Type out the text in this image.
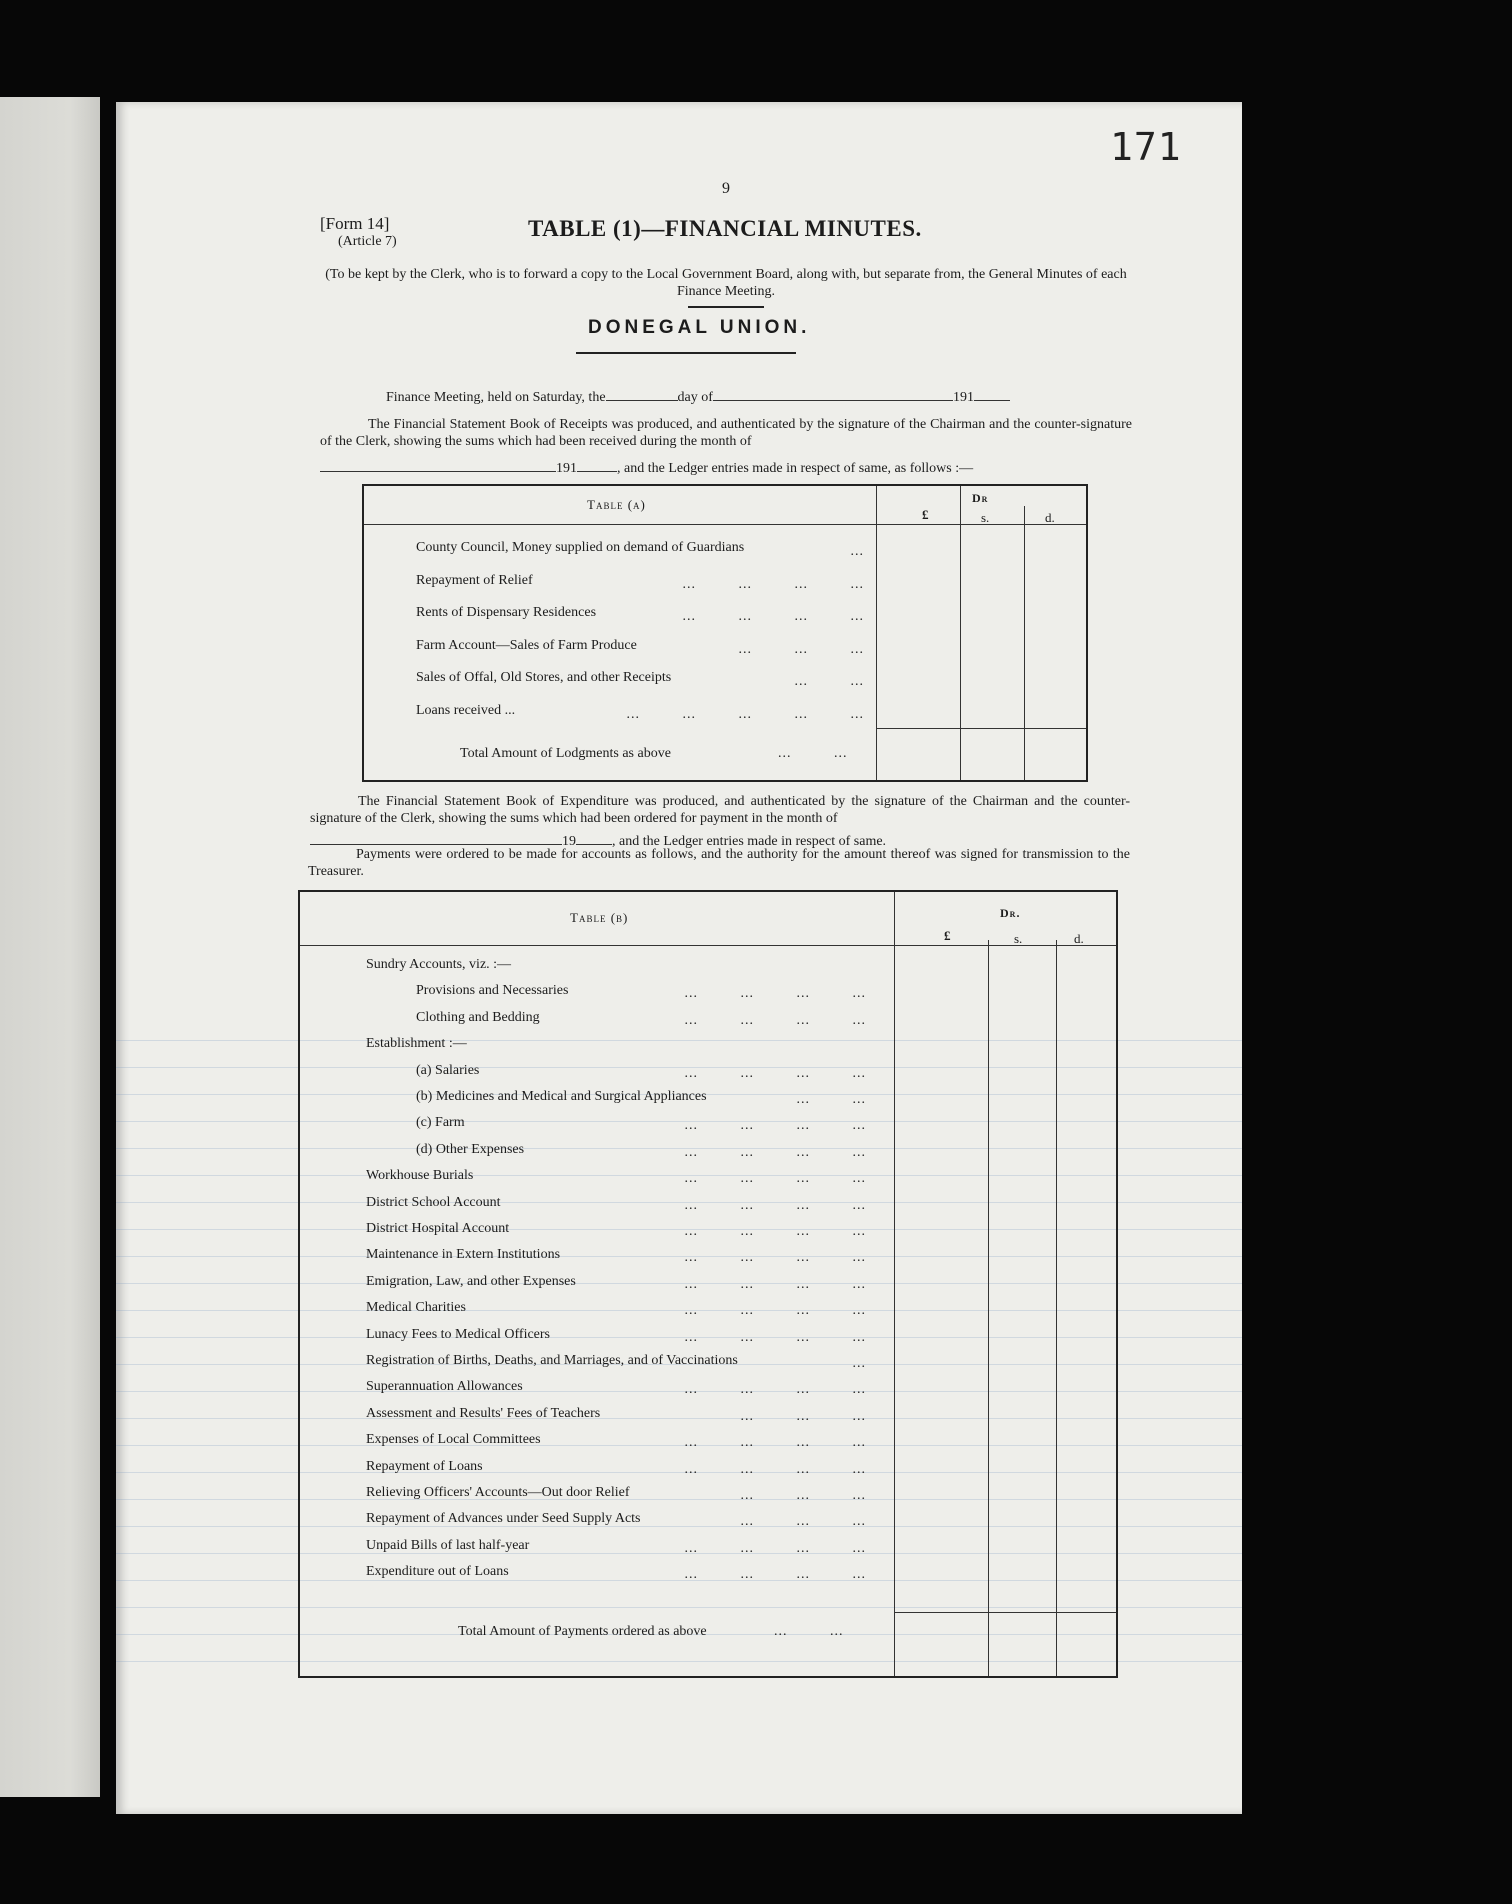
171
9
[Form 14]
(Article 7)
TABLE (1)—FINANCIAL MINUTES.
(To be kept by the Clerk, who is to forward a copy to the Local Government Board, along with, but separate from, the General Minutes of each Finance Meeting.
DONEGAL UNION.
Finance Meeting, held on Saturday, the	day of	191
The Financial Statement Book of Receipts was produced, and authenticated by the signature of the Chairman and the counter-signature of the Clerk, showing the sums which had been received during the month of
191	, and the Ledger entries made in respect of same, as follows :—
Table (a)	Dr
£	s.	d.
County Council, Money supplied on demand of Guardians	...
Repayment of Relief	... ... ... ...
Rents of Dispensary Residences	... ... ... ...
Farm Account—Sales of Farm Produce	... ... ...
Sales of Offal, Old Stores, and other Receipts	... ...
Loans received ...	... ... ... ... ...
Total Amount of Lodgments as above	... ...
The Financial Statement Book of Expenditure was produced, and authenticated by the signature of the Chairman and the counter-signature of the Clerk, showing the sums which had been ordered for payment in the month of
19	, and the Ledger entries made in respect of same.
Payments were ordered to be made for accounts as follows, and the authority for the amount thereof was signed for transmission to the Treasurer.
Table (b)	Dr.
£	s.	d.
Sundry Accounts, viz. :—
Provisions and Necessaries	... ... ... ...
Clothing and Bedding	... ... ... ...
Establishment :—
(a) Salaries	... ... ... ...
(b) Medicines and Medical and Surgical Appliances	... ...
(c) Farm	... ... ... ...
(d) Other Expenses	... ... ... ...
Workhouse Burials	... ... ... ...
District School Account	... ... ... ...
District Hospital Account	... ... ... ...
Maintenance in Extern Institutions	... ... ... ...
Emigration, Law, and other Expenses	... ... ... ...
Medical Charities	... ... ... ...
Lunacy Fees to Medical Officers	... ... ... ...
Registration of Births, Deaths, and Marriages, and of Vaccinations	...
Superannuation Allowances	... ... ... ...
Assessment and Results' Fees of Teachers	... ... ...
Expenses of Local Committees	... ... ... ...
Repayment of Loans	... ... ... ...
Relieving Officers' Accounts—Out door Relief	... ... ...
Repayment of Advances under Seed Supply Acts	... ... ...
Unpaid Bills of last half-year	... ... ... ...
Expenditure out of Loans	... ... ... ...
Total Amount of Payments ordered as above	... ...
